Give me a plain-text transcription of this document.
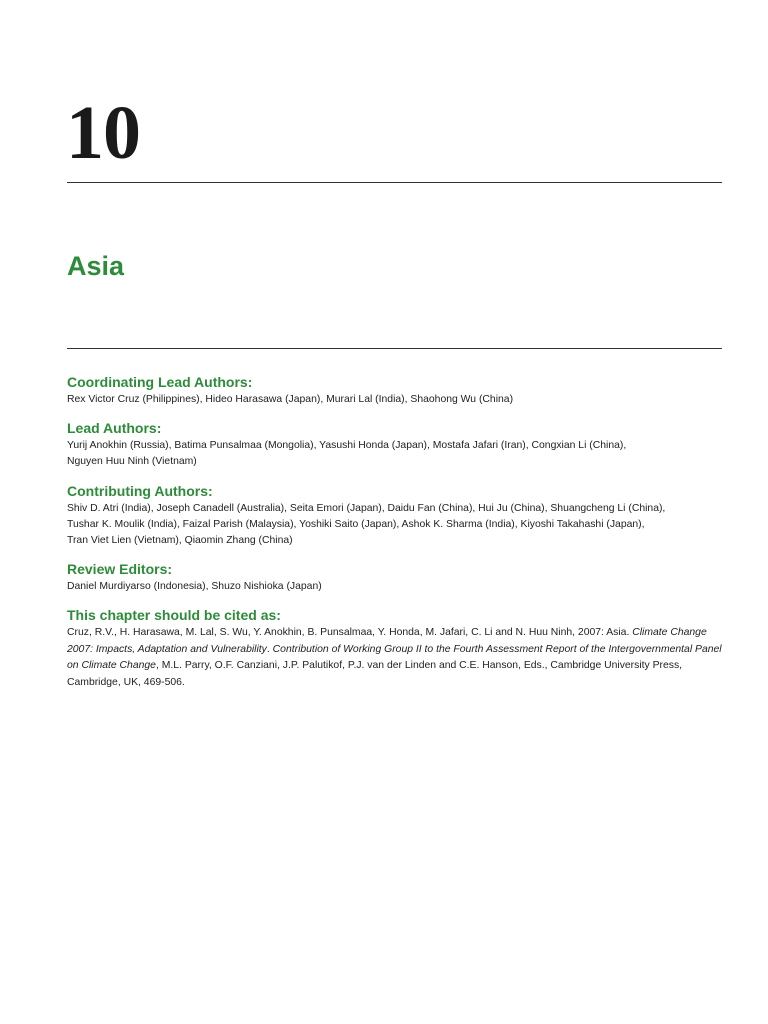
10
Asia

Coordinating Lead Authors:

Rex Victor Cruz (Philippines), Hideo Harasawa (Japan), Murari Lal (India), Shaohong Wu (China)

Lead Authors:

Yurij Anokhin (Russia), Batima Punsalmaa (Mongolia), Yasushi Honda (Japan), Mostafa Jafari (Iran), Congxian Li (China),
Nguyen Huu Ninh (Vietnam)

Contributing Authors:

Shiv D. Atri (India), Joseph Canadell (Australia), Seita Emori (Japan), Daidu Fan (China), Hui Ju (China), Shuangcheng Li (China),
Tushar K. Moulik (India), Faizal Parish (Malaysia), Yoshiki Saito (Japan), Ashok K. Sharma (India), Kiyoshi Takahashi (Japan),
Tran Viet Lien (Vietnam), Qiaomin Zhang (China)

Review Editors:

Daniel Murdiyarso (Indonesia), Shuzo Nishioka (Japan)

This chapter should be cited as:

Cruz, R.V., H. Harasawa, M. Lal, S. Wu, Y. Anokhin, B. Punsalmaa, Y. Honda, M. Jafari, C. Li and N. Huu Ninh, 2007: Asia. Climate Change 2007: Impacts, Adaptation and Vulnerability. Contribution of Working Group II to the Fourth Assessment Report of the Intergovernmental Panel on Climate Change, M.L. Parry, O.F. Canziani, J.P. Palutikof, P.J. van der Linden and C.E. Hanson, Eds., Cambridge University Press, Cambridge, UK, 469-506.
